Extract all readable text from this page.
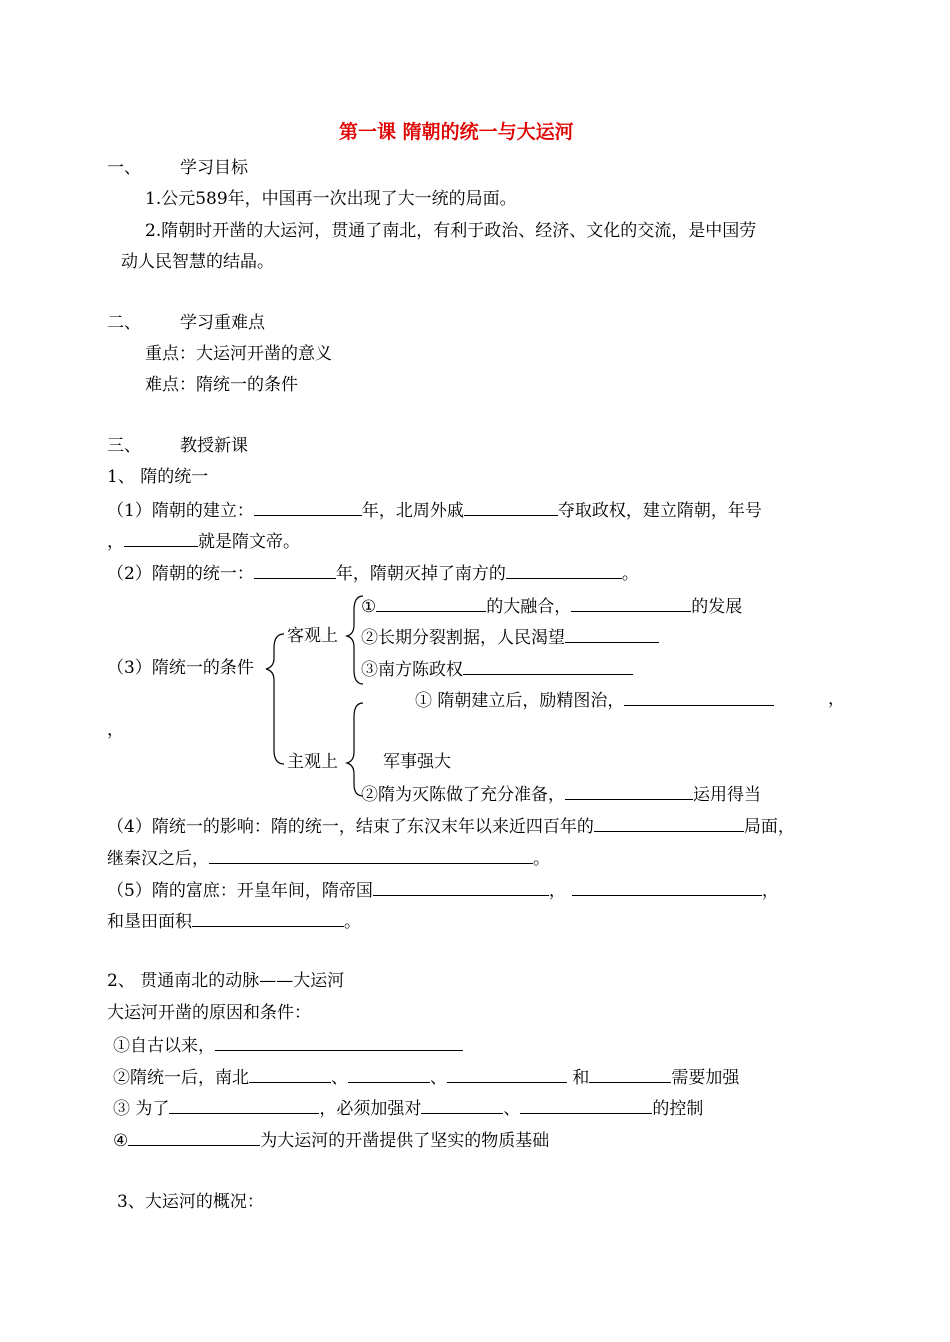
第一课 隋朝的统一与大运河
一、 学习目标
1.公元589年，中国再一次出现了大一统的局面。
2.隋朝时开凿的大运河，贯通了南北，有利于政治、经济、文化的交流，是中国劳
动人民智慧的结晶。
二、 学习重难点
重点：大运河开凿的意义
难点：隋统一的条件
三、 教授新课
1、 隋的统一
（1）隋朝的建立：	年，北周外戚	夺取政权，建立隋朝，年号
，	就是隋文帝。
（2）隋朝的统一：	年，隋朝灭掉了南方的	。
（3）隋统一的条件
客观上
①	的大融合，	的发展
②长期分裂割据，人民渴望
③南方陈政权
① 隋朝建立后，励精图治，	，
，
主观上	军事强大
②隋为灭陈做了充分准备，	运用得当
（4）隋统一的影响：隋的统一，结束了东汉末年以来近四百年的	局面，
继秦汉之后，	。
（5）隋的富庶：开皇年间，隋帝国	，	，
和垦田面积	。
2、 贯通南北的动脉——大运河
大运河开凿的原因和条件：
①自古以来，
②隋统一后，南北	、	、	和	需要加强
③ 为了	，必须加强对	、	的控制
④	为大运河的开凿提供了坚实的物质基础
3、大运河的概况：
